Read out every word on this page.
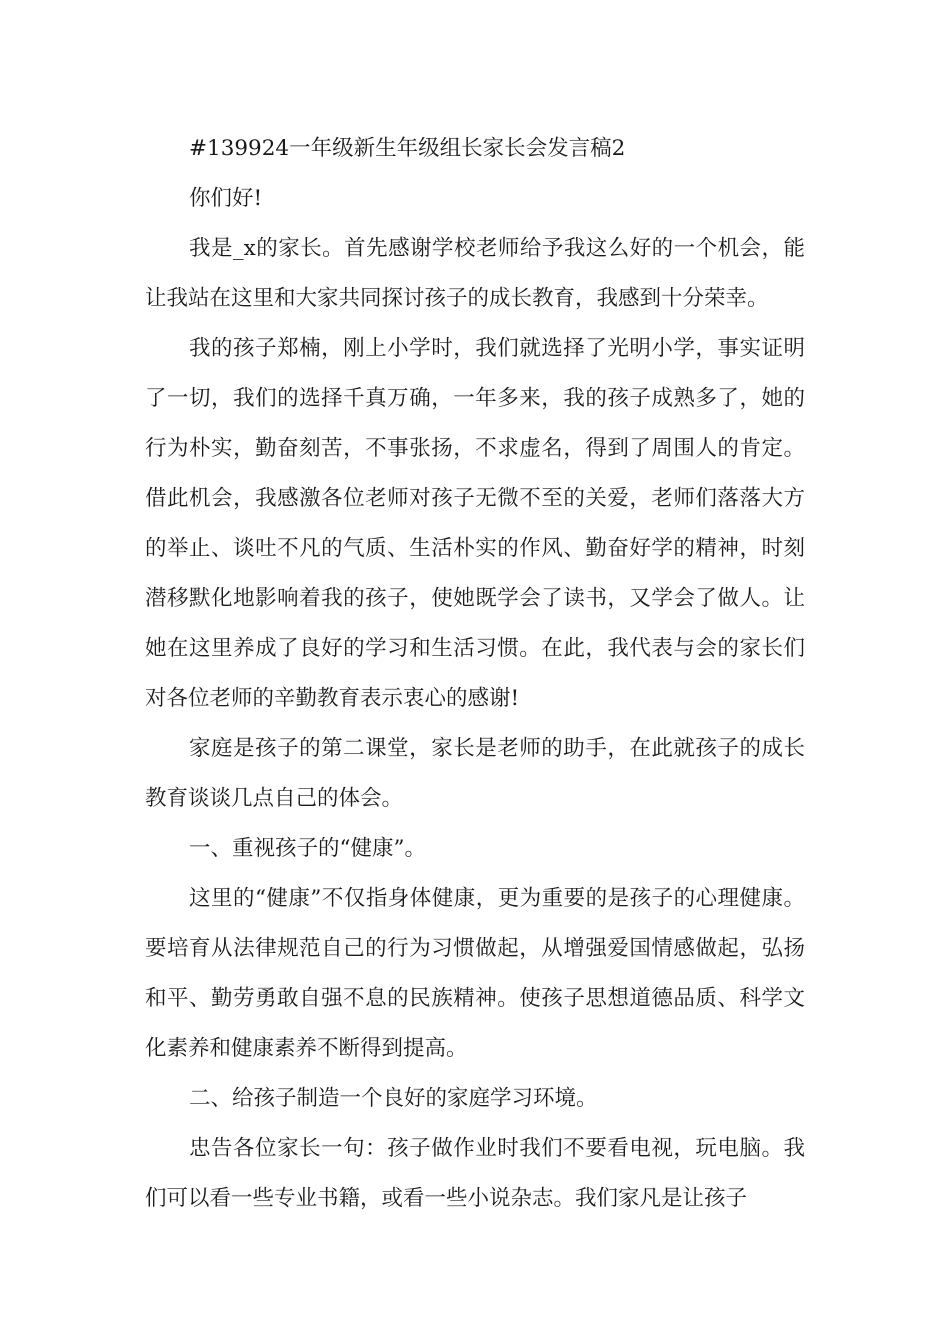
#139924一年级新生年级组长家长会发言稿2

你们好!

我是_x的家长。首先感谢学校老师给予我这么好的一个机会，能让我站在这里和大家共同探讨孩子的成长教育，我感到十分荣幸。

我的孩子郑楠，刚上小学时，我们就选择了光明小学，事实证明了一切，我们的选择千真万确，一年多来，我的孩子成熟多了，她的行为朴实，勤奋刻苦，不事张扬，不求虚名，得到了周围人的肯定。借此机会，我感激各位老师对孩子无微不至的关爱，老师们落落大方的举止、谈吐不凡的气质、生活朴实的作风、勤奋好学的精神，时刻潜移默化地影响着我的孩子，使她既学会了读书，又学会了做人。让她在这里养成了良好的学习和生活习惯。在此，我代表与会的家长们对各位老师的辛勤教育表示衷心的感谢!

家庭是孩子的第二课堂，家长是老师的助手，在此就孩子的成长教育谈谈几点自己的体会。

一、重视孩子的“健康”。

这里的“健康”不仅指身体健康，更为重要的是孩子的心理健康。要培育从法律规范自己的行为习惯做起，从增强爱国情感做起，弘扬和平、勤劳勇敢自强不息的民族精神。使孩子思想道德品质、科学文化素养和健康素养不断得到提高。

二、给孩子制造一个良好的家庭学习环境。

忠告各位家长一句：孩子做作业时我们不要看电视，玩电脑。我们可以看一些专业书籍，或看一些小说杂志。我们家凡是让孩子
